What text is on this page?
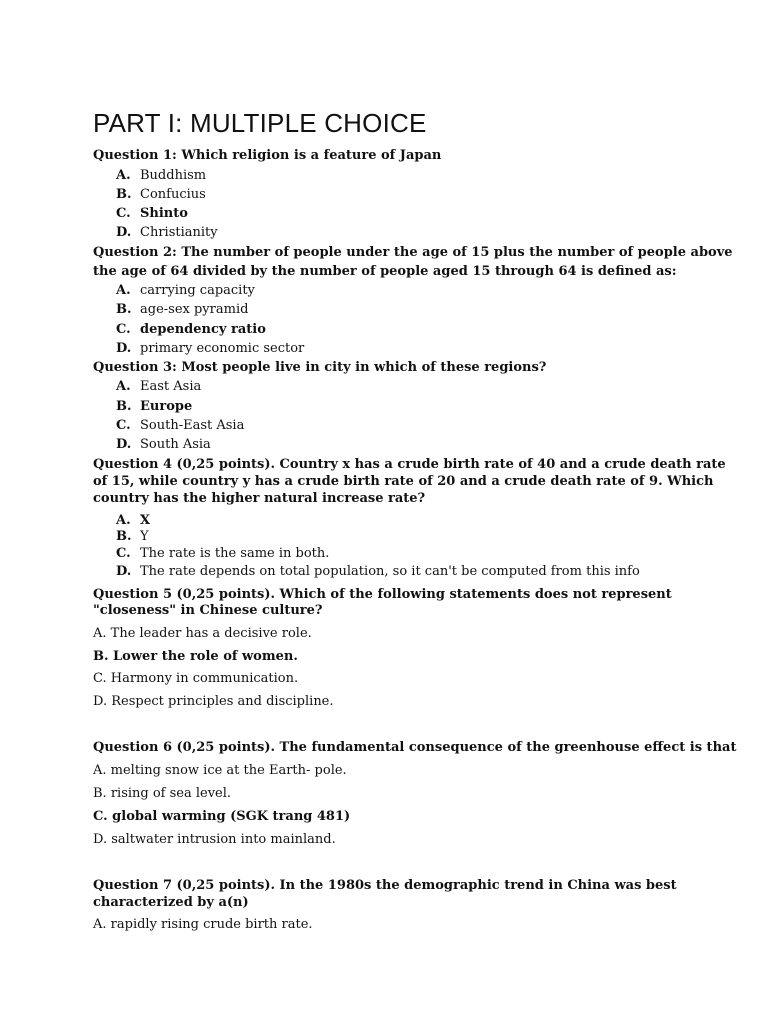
PART I: MULTIPLE CHOICE
Question 1: Which religion is a feature of Japan
A. Buddhism
B. Confucius
C. Shinto
D. Christianity
Question 2: The number of people under the age of 15 plus the number of people above
the age of 64 divided by the number of people aged 15 through 64 is defined as:
A. carrying capacity
B. age-sex pyramid
C. dependency ratio
D. primary economic sector
Question 3: Most people live in city in which of these regions?
A. East Asia
B. Europe
C. South-East Asia
D. South Asia
Question 4 (0,25 points). Country x has a crude birth rate of 40 and a crude death rate
of 15, while country y has a crude birth rate of 20 and a crude death rate of 9. Which
country has the higher natural increase rate?
A. X
B. Y
C. The rate is the same in both.
D. The rate depends on total population, so it can't be computed from this info
Question 5 (0,25 points). Which of the following statements does not represent
"closeness" in Chinese culture?
A. The leader has a decisive role.
B. Lower the role of women.
C. Harmony in communication.
D. Respect principles and discipline.
Question 6 (0,25 points). The fundamental consequence of the greenhouse effect is that
A. melting snow ice at the Earth- pole.
B. rising of sea level.
C. global warming (SGK trang 481)
D. saltwater intrusion into mainland.
Question 7 (0,25 points). In the 1980s the demographic trend in China was best
characterized by a(n)
A. rapidly rising crude birth rate.
